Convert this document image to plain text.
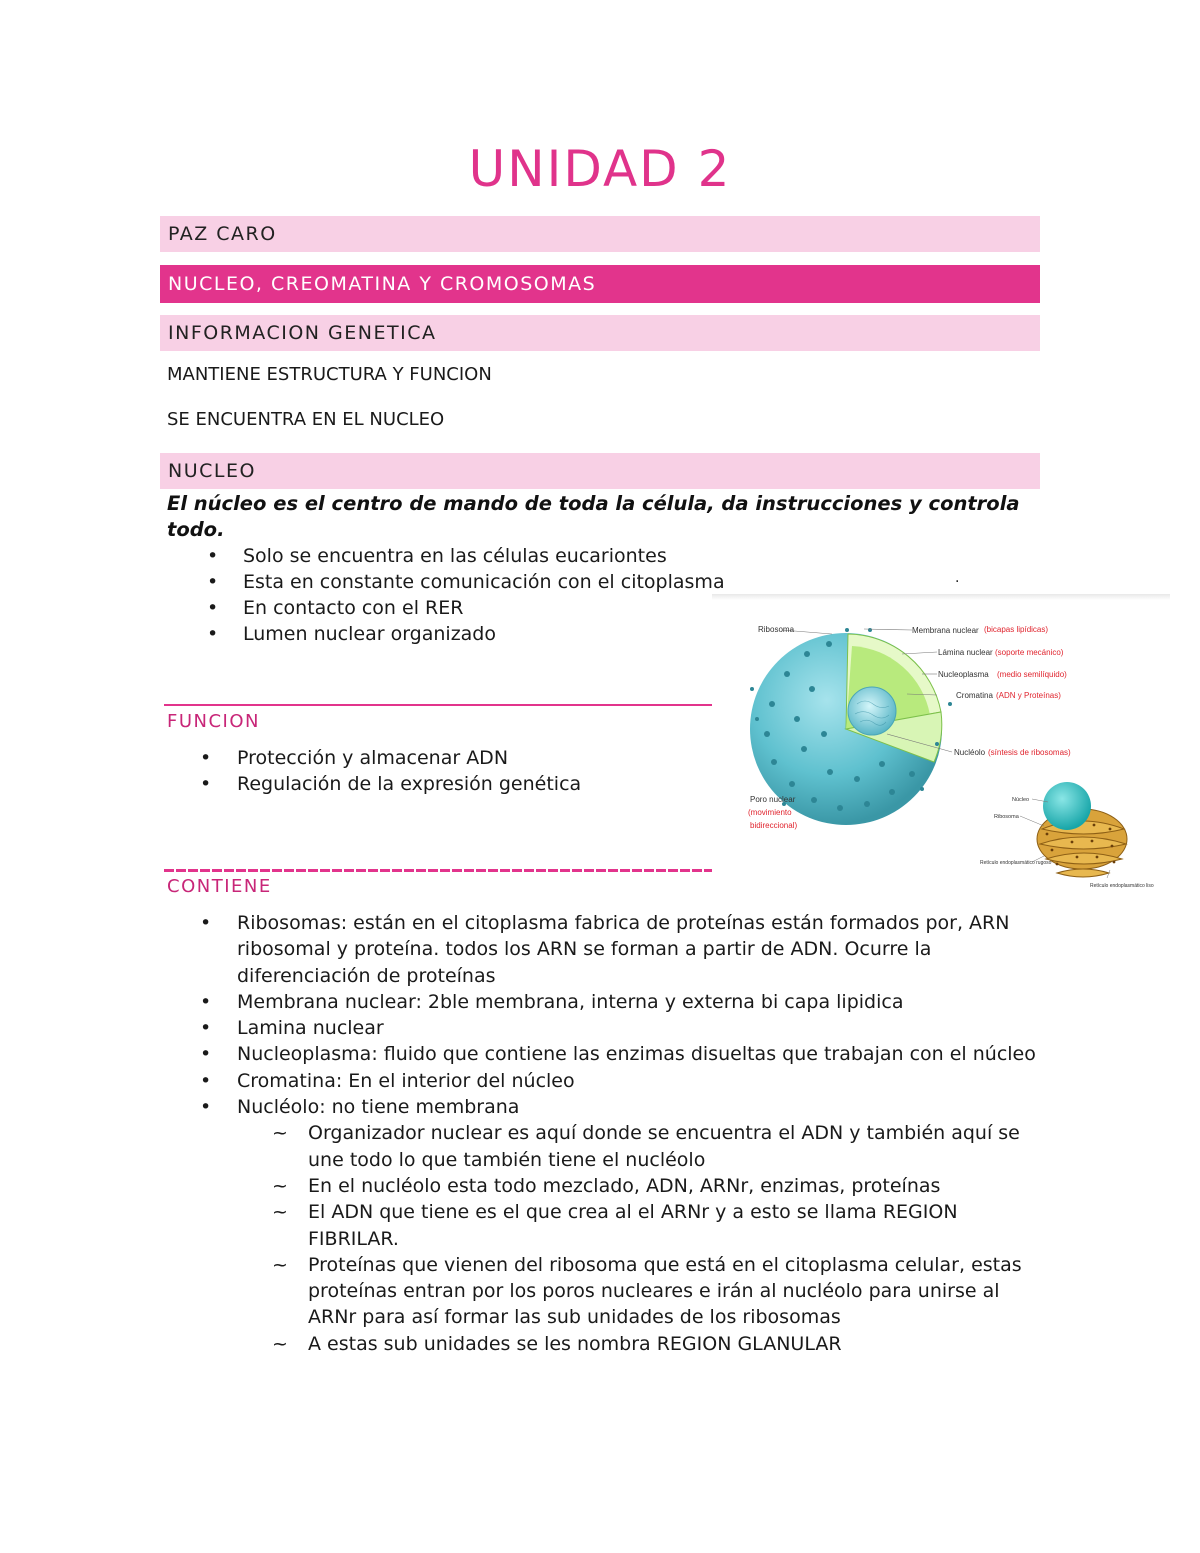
UNIDAD 2
PAZ CARO
NUCLEO, CREOMATINA Y CROMOSOMAS
INFORMACION GENETICA
MANTIENE ESTRUCTURA Y FUNCION
SE ENCUENTRA EN EL NUCLEO
NUCLEO
El núcleo es el centro de mando de toda la célula, da instrucciones y controla todo.
• Solo se encuentra en las células eucariontes
• Esta en constante comunicación con el citoplasma
• En contacto con el RER
• Lumen nuclear organizado
.
FUNCION
• Protección y almacenar ADN
• Regulación de la expresión genética
CONTIENE
• Ribosomas: están en el citoplasma fabrica de proteínas están formados por, ARN ribosomal y proteína. todos los ARN se forman a partir de ADN. Ocurre la diferenciación de proteínas
• Membrana nuclear: 2ble membrana, interna y externa bi capa lipidica
• Lamina nuclear
• Nucleoplasma: fluido que contiene las enzimas disueltas que trabajan con el núcleo
• Cromatina: En el interior del núcleo
• Nucléolo: no tiene membrana
~ Organizador nuclear es aquí donde se encuentra el ADN y también aquí se une todo lo que también tiene el nucléolo
~ En el nucléolo esta todo mezclado, ADN, ARNr, enzimas, proteínas
~ El ADN que tiene es el que crea al el ARNr y a esto se llama REGION FIBRILAR.
~ Proteínas que vienen del ribosoma que está en el citoplasma celular, estas proteínas entran por los poros nucleares e irán al nucléolo para unirse al ARNr para así formar las sub unidades de los ribosomas
~ A estas sub unidades se les nombra REGION GLANULAR
Ribosoma	Membrana nuclear (bicapas lipídicas)
Lámina nuclear (soporte mecánico)
Nucleoplasma (medio semilíquido)
Cromatina (ADN y Proteínas)
Nucléolo (síntesis de ribosomas)
Poro nuclear
(movimiento
bidireccional)
Núcleo
Ribosoma
Retículo endoplasmático rugoso
Retículo endoplasmático liso
